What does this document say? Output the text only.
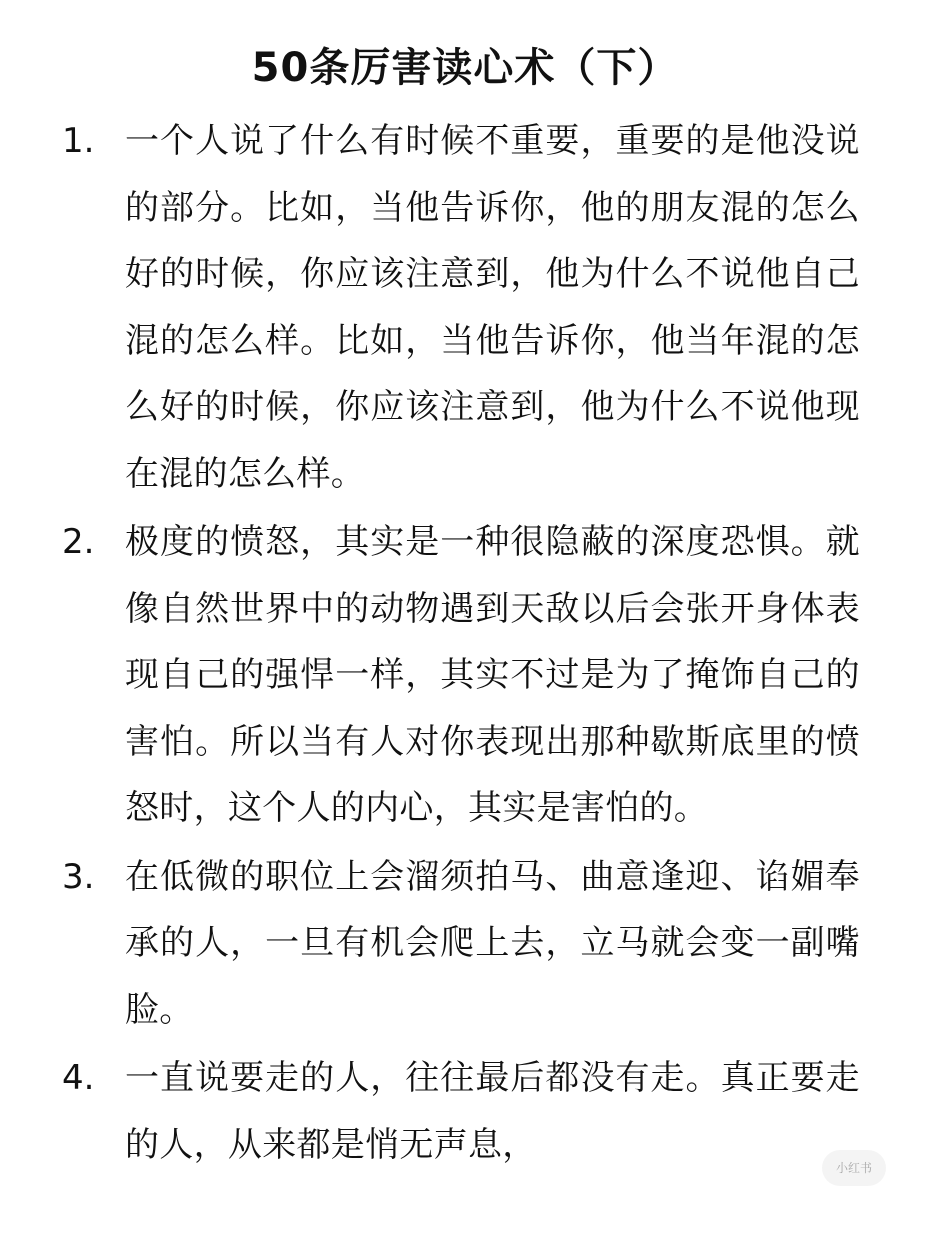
50条厉害读心术（下）
1. 一个人说了什么有时候不重要，重要的是他没说的部分。比如，当他告诉你，他的朋友混的怎么好的时候，你应该注意到，他为什么不说他自己混的怎么样。比如，当他告诉你，他当年混的怎么好的时候，你应该注意到，他为什么不说他现在混的怎么样。
2. 极度的愤怒，其实是一种很隐蔽的深度恐惧。就像自然世界中的动物遇到天敌以后会张开身体表现自己的强悍一样，其实不过是为了掩饰自己的害怕。所以当有人对你表现出那种歇斯底里的愤怒时，这个人的内心，其实是害怕的。
3. 在低微的职位上会溜须拍马、曲意逢迎、谄媚奉承的人，一旦有机会爬上去，立马就会变一副嘴脸。
4. 一直说要走的人，往往最后都没有走。真正要走的人，从来都是悄无声息，
小红书
